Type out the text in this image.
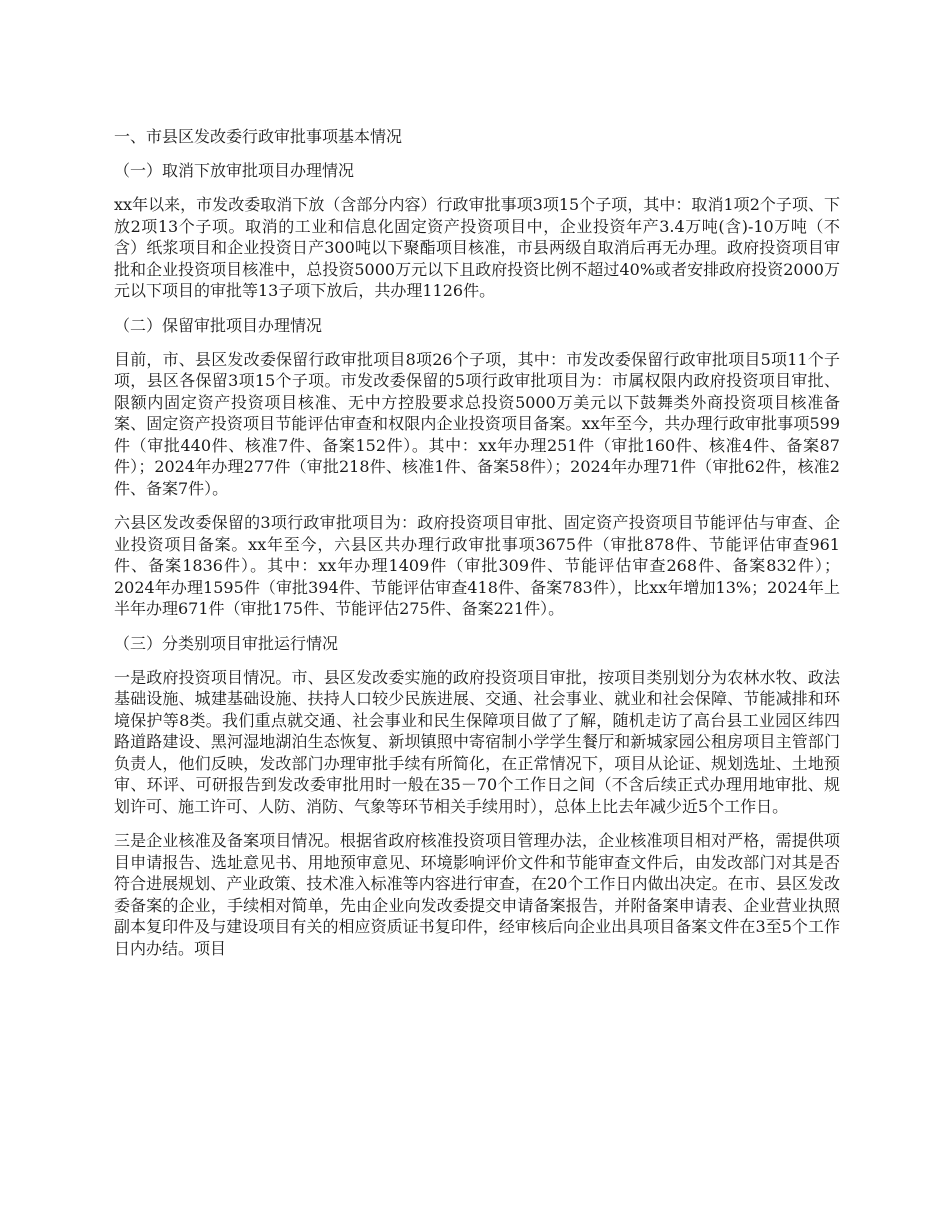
一、市县区发改委行政审批事项基本情况

（一）取消下放审批项目办理情况

xx年以来，市发改委取消下放（含部分内容）行政审批事项3项15个子项，其中：取消1项2个子项、下放2项13个子项。取消的工业和信息化固定资产投资项目中，企业投资年产3.4万吨(含)-10万吨（不含）纸浆项目和企业投资日产300吨以下聚酯项目核准，市县两级自取消后再无办理。政府投资项目审批和企业投资项目核准中，总投资5000万元以下且政府投资比例不超过40%或者安排政府投资2000万元以下项目的审批等13子项下放后，共办理1126件。

（二）保留审批项目办理情况

目前，市、县区发改委保留行政审批项目8项26个子项，其中：市发改委保留行政审批项目5项11个子项，县区各保留3项15个子项。市发改委保留的5项行政审批项目为：市属权限内政府投资项目审批、限额内固定资产投资项目核准、无中方控股要求总投资5000万美元以下鼓舞类外商投资项目核准备案、固定资产投资项目节能评估审查和权限内企业投资项目备案。xx年至今，共办理行政审批事项599件（审批440件、核准7件、备案152件）。其中：xx年办理251件（审批160件、核准4件、备案87件）；2024年办理277件（审批218件、核准1件、备案58件）；2024年办理71件（审批62件，核准2件、备案7件）。

六县区发改委保留的3项行政审批项目为：政府投资项目审批、固定资产投资项目节能评估与审查、企业投资项目备案。xx年至今，六县区共办理行政审批事项3675件（审批878件、节能评估审查961件、备案1836件）。其中：xx年办理1409件（审批309件、节能评估审查268件、备案832件）；2024年办理1595件（审批394件、节能评估审查418件、备案783件），比xx年增加13%；2024年上半年办理671件（审批175件、节能评估275件、备案221件）。

（三）分类别项目审批运行情况

一是政府投资项目情况。市、县区发改委实施的政府投资项目审批，按项目类别划分为农林水牧、政法基础设施、城建基础设施、扶持人口较少民族进展、交通、社会事业、就业和社会保障、节能减排和环境保护等8类。我们重点就交通、社会事业和民生保障项目做了了解，随机走访了高台县工业园区纬四路道路建设、黑河湿地湖泊生态恢复、新坝镇照中寄宿制小学学生餐厅和新城家园公租房项目主管部门负责人，他们反映，发改部门办理审批手续有所简化，在正常情况下，项目从论证、规划选址、土地预审、环评、可研报告到发改委审批用时一般在35－70个工作日之间（不含后续正式办理用地审批、规划许可、施工许可、人防、消防、气象等环节相关手续用时），总体上比去年减少近5个工作日。

三是企业核准及备案项目情况。根据省政府核准投资项目管理办法，企业核准项目相对严格，需提供项目申请报告、选址意见书、用地预审意见、环境影响评价文件和节能审查文件后，由发改部门对其是否符合进展规划、产业政策、技术准入标准等内容进行审查，在20个工作日内做出决定。在市、县区发改委备案的企业，手续相对简单，先由企业向发改委提交申请备案报告，并附备案申请表、企业营业执照副本复印件及与建设项目有关的相应资质证书复印件，经审核后向企业出具项目备案文件在3至5个工作日内办结。项目
